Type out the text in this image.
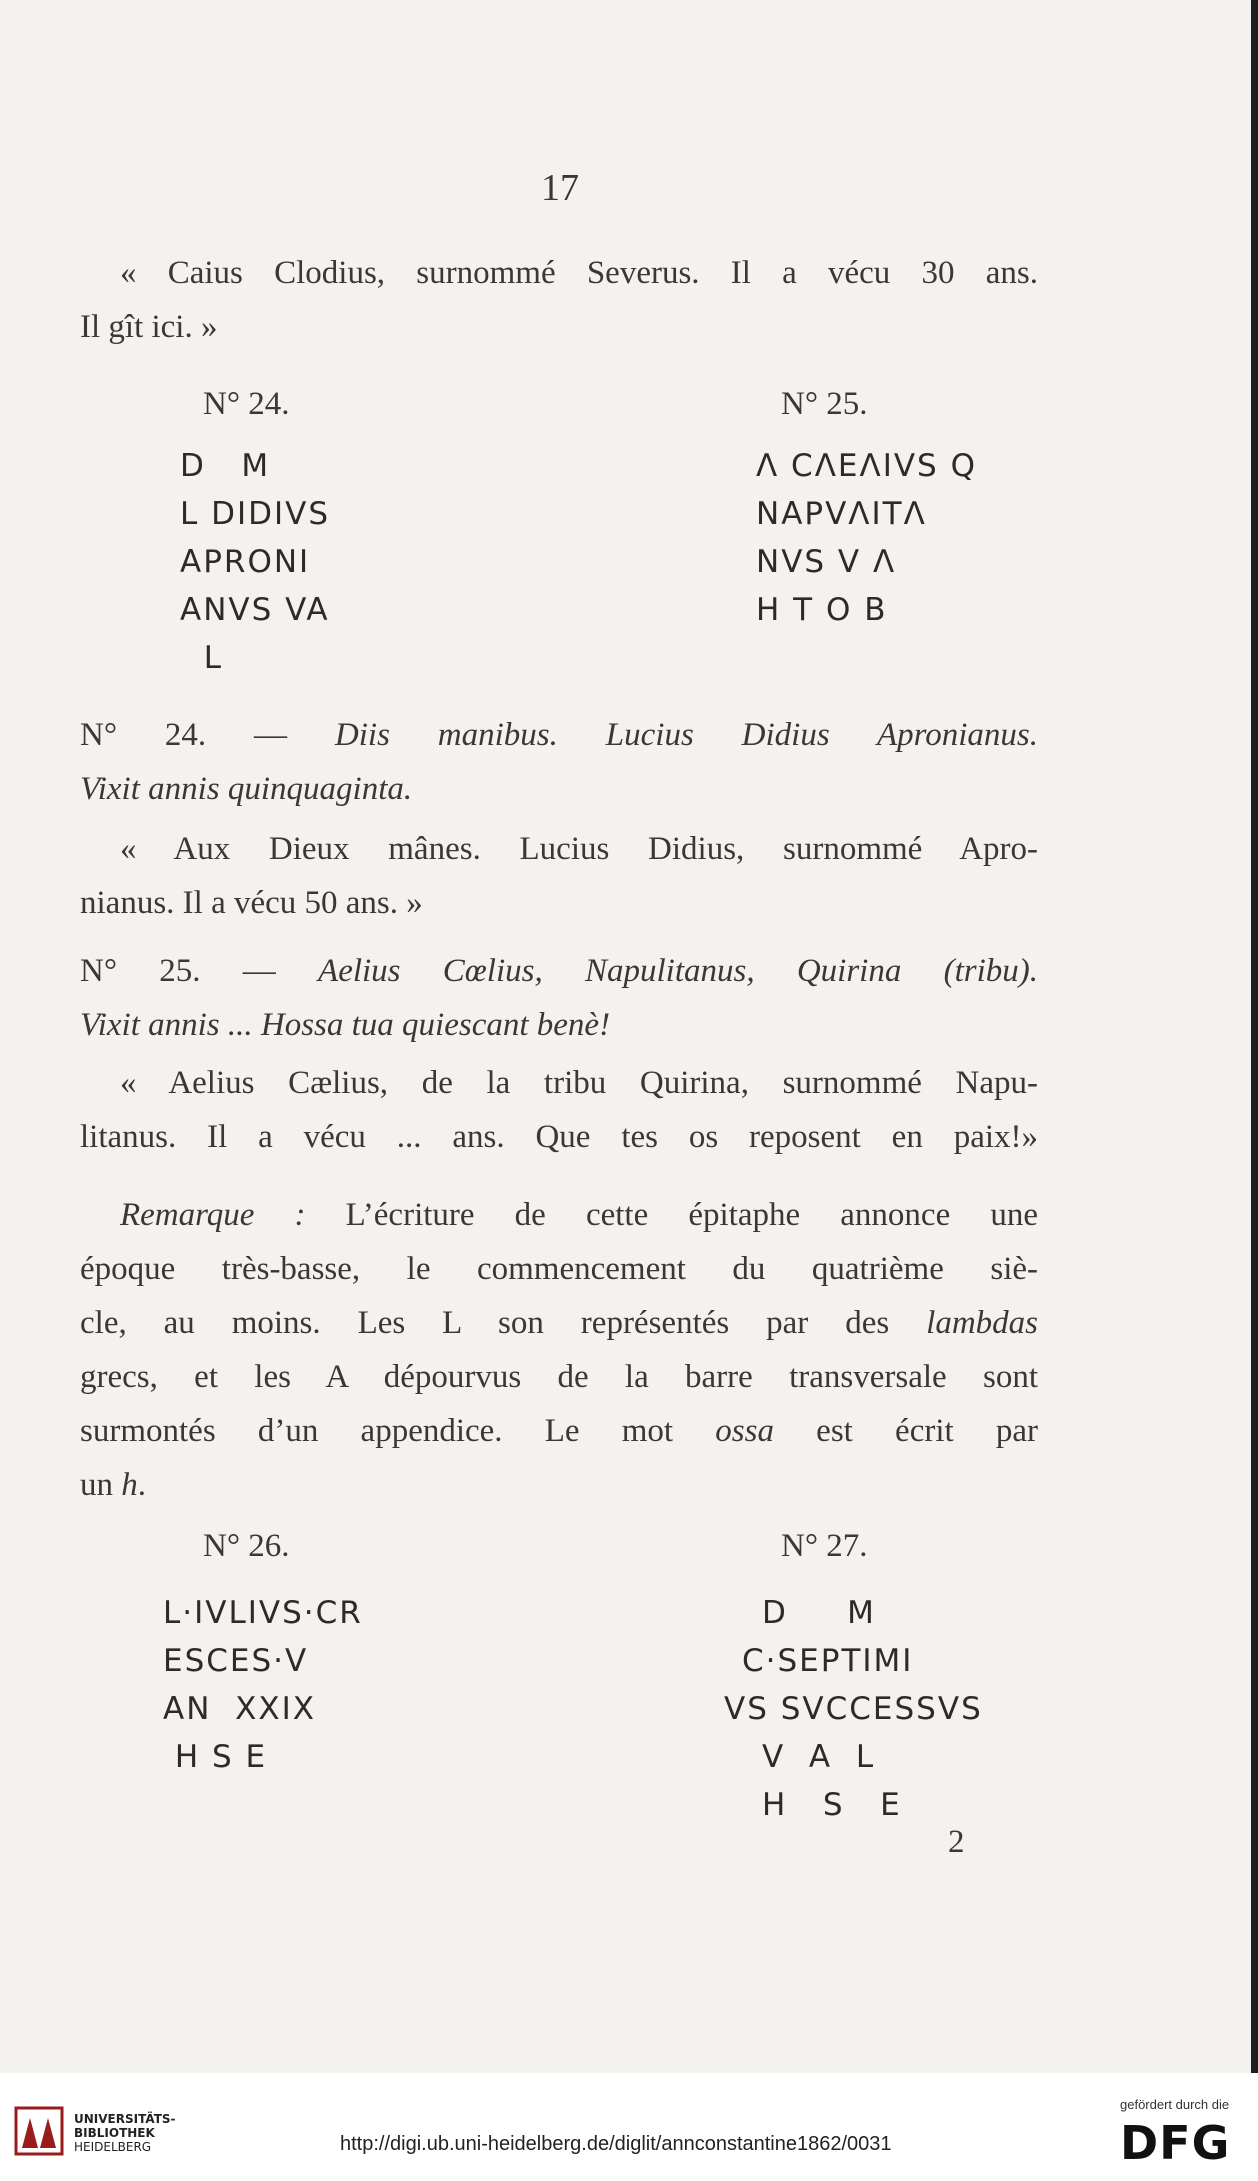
17
« Caius Clodius, surnommé Severus. Il a vécu 30 ans.
Il gît ici. »
N° 24.	N° 25.
D   M
L DIDIVS
APRONI
ANVS VA
L
Λ CΛEΛIVS Q
NAPVΛITΛ
NVS V Λ
H T O B
N° 24. — Diis manibus. Lucius Didius Apronianus.
Vixit annis quinquaginta.
« Aux Dieux mânes. Lucius Didius, surnommé Apro-
nianus. Il a vécu 50 ans. »
N° 25. — Aelius Cœlius, Napulitanus, Quirina (tribu).
Vixit annis ... Hossa tua quiescant benè!
« Aelius Cælius, de la tribu Quirina, surnommé Napu-
litanus. Il a vécu ... ans. Que tes os reposent en paix!»
Remarque : L’écriture de cette épitaphe annonce une
époque très-basse, le commencement du quatrième siè-
cle, au moins. Les L son représentés par des lambdas
grecs, et les A dépourvus de la barre transversale sont
surmontés d’un appendice. Le mot ossa est écrit par
un h.
N° 26.	N° 27.
L·IVLIVS·CR
ESCES·V
AN  XXIX
H S E
D     M
C·SEPTIMI
VS SVCCESSVS
V  A  L
H   S   E
2
UNIVERSITÄTS-
BIBLIOTHEK
HEIDELBERG	http://digi.ub.uni-heidelberg.de/diglit/annconstantine1862/0031
gefördert durch die
DFG
